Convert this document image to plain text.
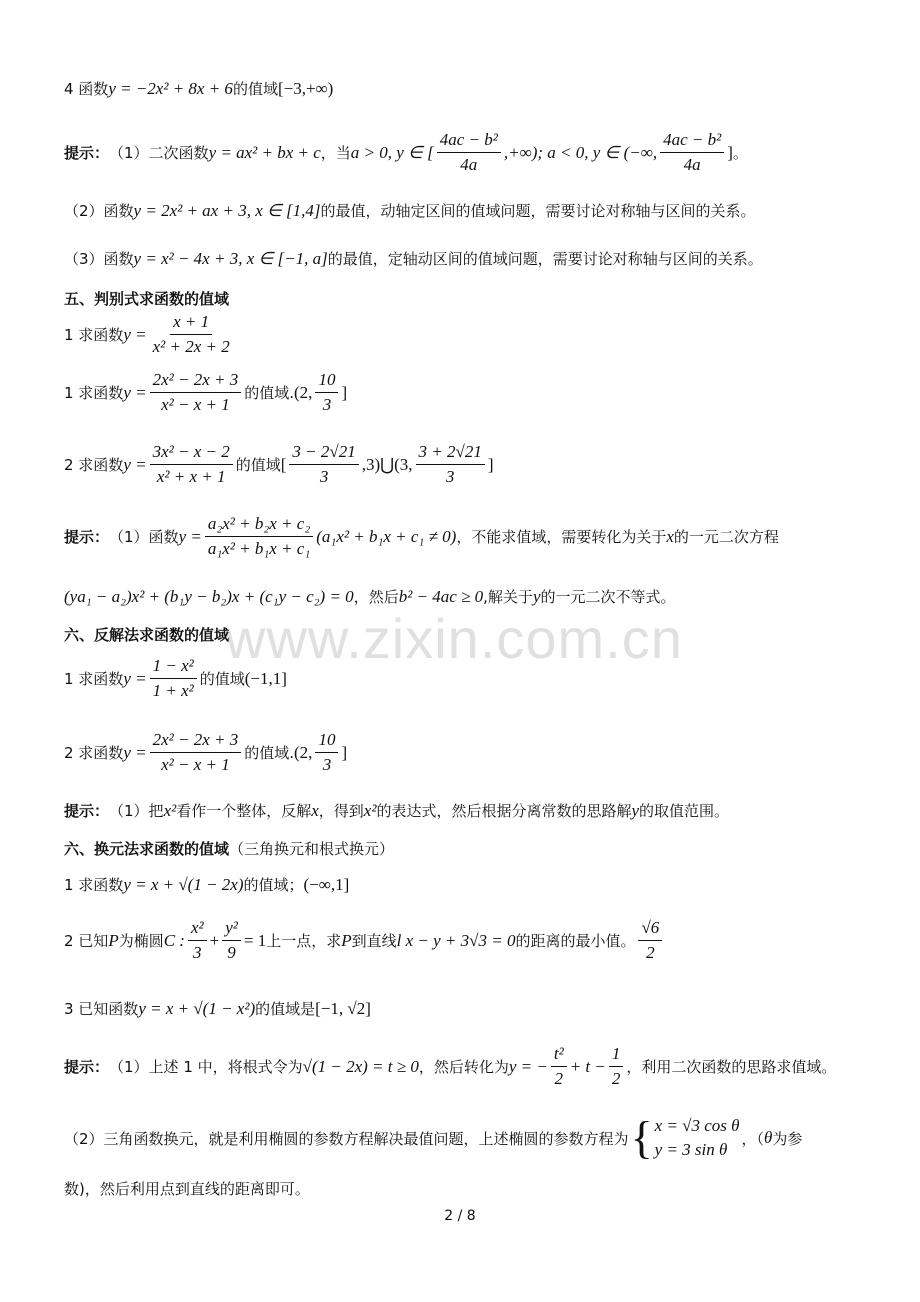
www.zixin.com.cn
4 函数 y = −2x² + 8x + 6 的值域 [−3,+∞)
提示： （1）二次函数 y = ax² + bx + c ，当 a > 0, y ∈ [ $\frac{\text{4ac − b²}}{4a}$ ,+∞); a < 0, y ∈ (−∞, $\frac{\text{4ac − b²}}{4a}$ ] 。
（2）函数 y = 2x² + ax + 3, x ∈ [1,4] 的最值，动轴定区间的值域问题，需要讨论对称轴与区间的关系。
（3）函数 y = x² − 4x + 3, x ∈ [−1, a] 的最值，定轴动区间的值域问题，需要讨论对称轴与区间的关系。
五、判别式求函数的值域
1 求函数 $y = \frac{x + 1}{\text{x² + 2x + 2}}$
1 求函数 $y = \frac{\text{2x² − 2x + 3}}{\text{x² − x + 1}}$ 的值域. (2, $\frac{10}{3}$ ]
2 求函数 $y = \frac{\text{3x² − x − 2}}{\text{x² + x + 1}}$ 的值域 [ $\frac{3 - 2√21}{3}$ ,3)⋃(3, $\frac{3 + 2√21}{3}$ ]
提示： （1）函数 $y = \frac{\text{a₂x² + b₂x + c₂}}{\text{a₁x² + b₁x + c₁}} (a_1x^2 + b_1x + c_1 \ne 0)$ ，不能求值域，需要转化为关于 x 的一元二次方程
(ya₁ − a₂)x² + (b₁y − b₂)x + (c₁y − c₂) = 0 ，然后 b² − 4ac ≥ 0 ,解关于 y 的一元二次不等式。
六、反解法求函数的值域
1 求函数 $y = \frac{\text{1 − x²}}{\text{1 + x²}}$ 的值域 (−1,1]
2 求函数 $y = \frac{\text{2x² − 2x + 3}}{\text{x² − x + 1}}$ 的值域. (2, $\frac{10}{3}$ ]
提示： （1）把 x² 看作一个整体，反解 x ，得到 x² 的表达式，然后根据分离常数的思路解 y 的取值范围。
六、换元法求函数的值域 （三角换元和根式换元）
1 求函数 y = x + √(1 − 2x) 的值域； (−∞,1]
2 已知 P 为椭圆 C : $\frac{\text{x²}}{3} + \frac{\text{y²}}{9} = 1$ 上一点，求 P 到直线 l x − y + 3√3 = 0 的距离的最小值。 $\frac{√6}{2}$
3 已知函数 y = x + √(1 − x²) 的值域是 [−1, √2]
提示： （1）上述 1 中，将根式令为 √(1 − 2x) = t ≥ 0 ，然后转化为 y = − $\frac{\text{t²}}{2} + t - \frac{1}{2}$ ，利用二次函数的思路求值域。
（2）三角函数换元，就是利用椭圆的参数方程解决最值问题，上述椭圆的参数方程为 { x = √3 cos θ
y = 3 sin θ
，（ θ 为参
数)，然后利用点到直线的距离即可。
2 / 8
